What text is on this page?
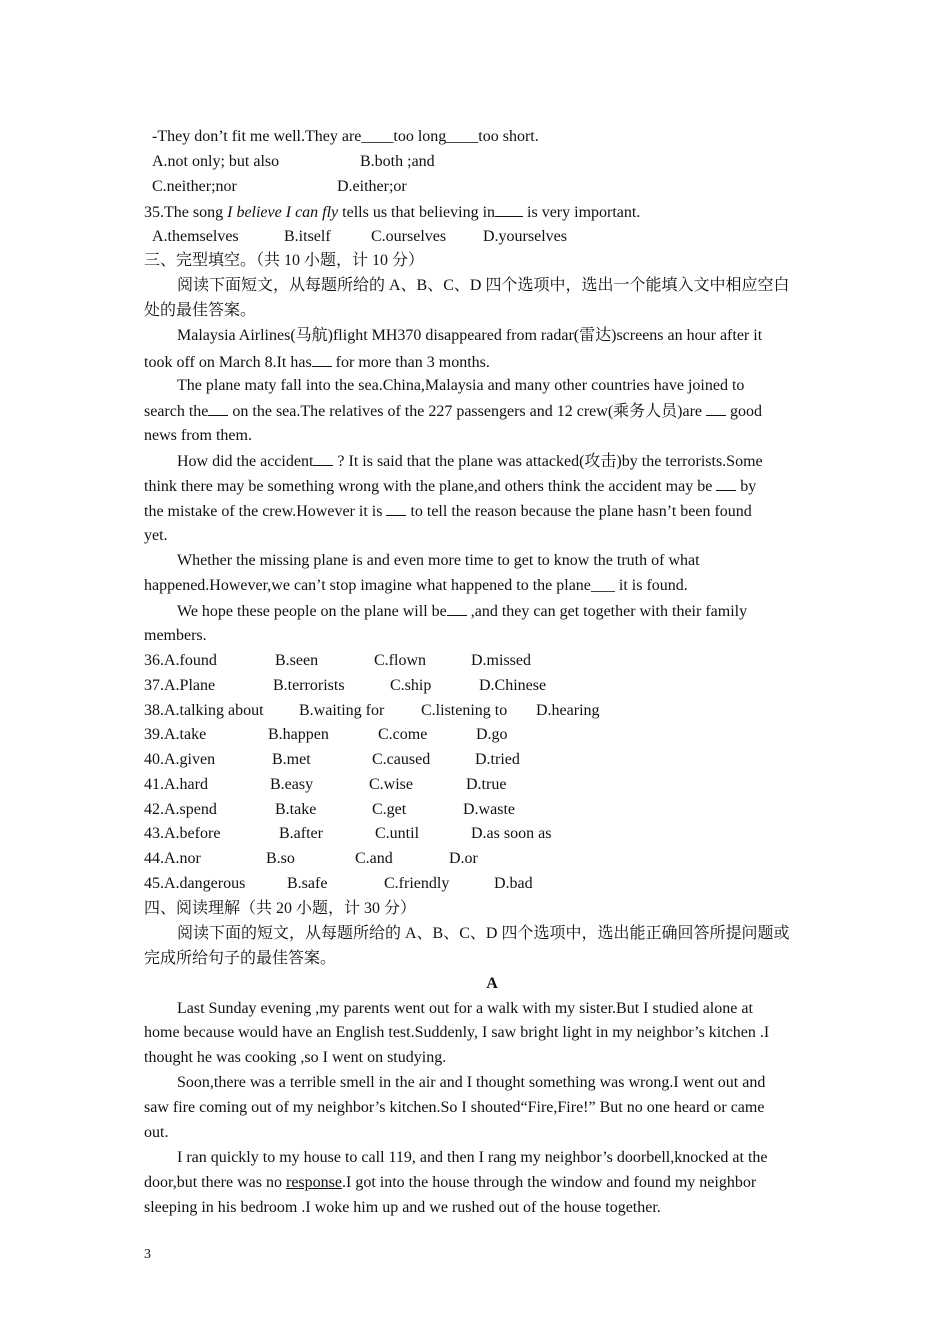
-They don’t fit me well.They are____too long____too short.
A.not only; but also	B.both ;and
C.neither;nor	D.either;or
35.The song I believe I can fly tells us that believing in is very important.
A.themselves	B.itself	C.ourselves D.yourselves
三、完型填空。（共 10 小题，计 10 分）
阅读下面短文，从每题所给的 A、B、C、D 四个选项中，选出一个能填入文中相应空白
处的最佳答案。
Malaysia Airlines(马航)flight MH370 disappeared from radar(雷达)screens an hour after it
took off on March 8.It has for more than 3 months.
The plane maty fall into the sea.China,Malaysia and many other countries have joined to
search the on the sea.The relatives of the 227 passengers and 12 crew(乘务人员)are  good
news from them.
How did the accident ? It is said that the plane was attacked(攻击)by the terrorists.Some
think there may be something wrong with the plane,and others think the accident may be  by
the mistake of the crew.However it is  to tell the reason because the plane hasn’t been found
yet.
Whether the missing plane is and even more time to get to know the truth of what
happened.However,we can’t stop imagine what happened to the plane___ it is found.
We hope these people on the plane will be ,and they can get together with their family
members.
36.A.found	B.seen	C.flown	D.missed
37.A.Plane	B.terrorists	C.ship	D.Chinese
38.A.talking about B.waiting for C.listening to D.hearing
39.A.take	B.happen	C.come	D.go
40.A.given	B.met	C.caused	D.tried
41.A.hard	B.easy	C.wise	D.true
42.A.spend	B.take	C.get	D.waste
43.A.before	B.after	C.until	D.as soon as
44.A.nor	B.so	C.and	D.or
45.A.dangerous	B.safe	C.friendly	D.bad
四、阅读理解（共 20 小题，计 30 分）
阅读下面的短文，从每题所给的 A、B、C、D 四个选项中，选出能正确回答所提问题或
完成所给句子的最佳答案。
A
Last Sunday evening ,my parents went out for a walk with my sister.But I studied alone at
home because would have an English test.Suddenly, I saw bright light in my neighbor’s kitchen .I
thought he was cooking ,so I went on studying.
Soon,there was a terrible smell in the air and I thought something was wrong.I went out and
saw fire coming out of my neighbor’s kitchen.So I shouted“Fire,Fire!” But no one heard or came
out.
I ran quickly to my house to call 119, and then I rang my neighbor’s doorbell,knocked at the
door,but there was no response.I got into the house through the window and found my neighbor
sleeping in his bedroom .I woke him up and we rushed out of the house together.
3
